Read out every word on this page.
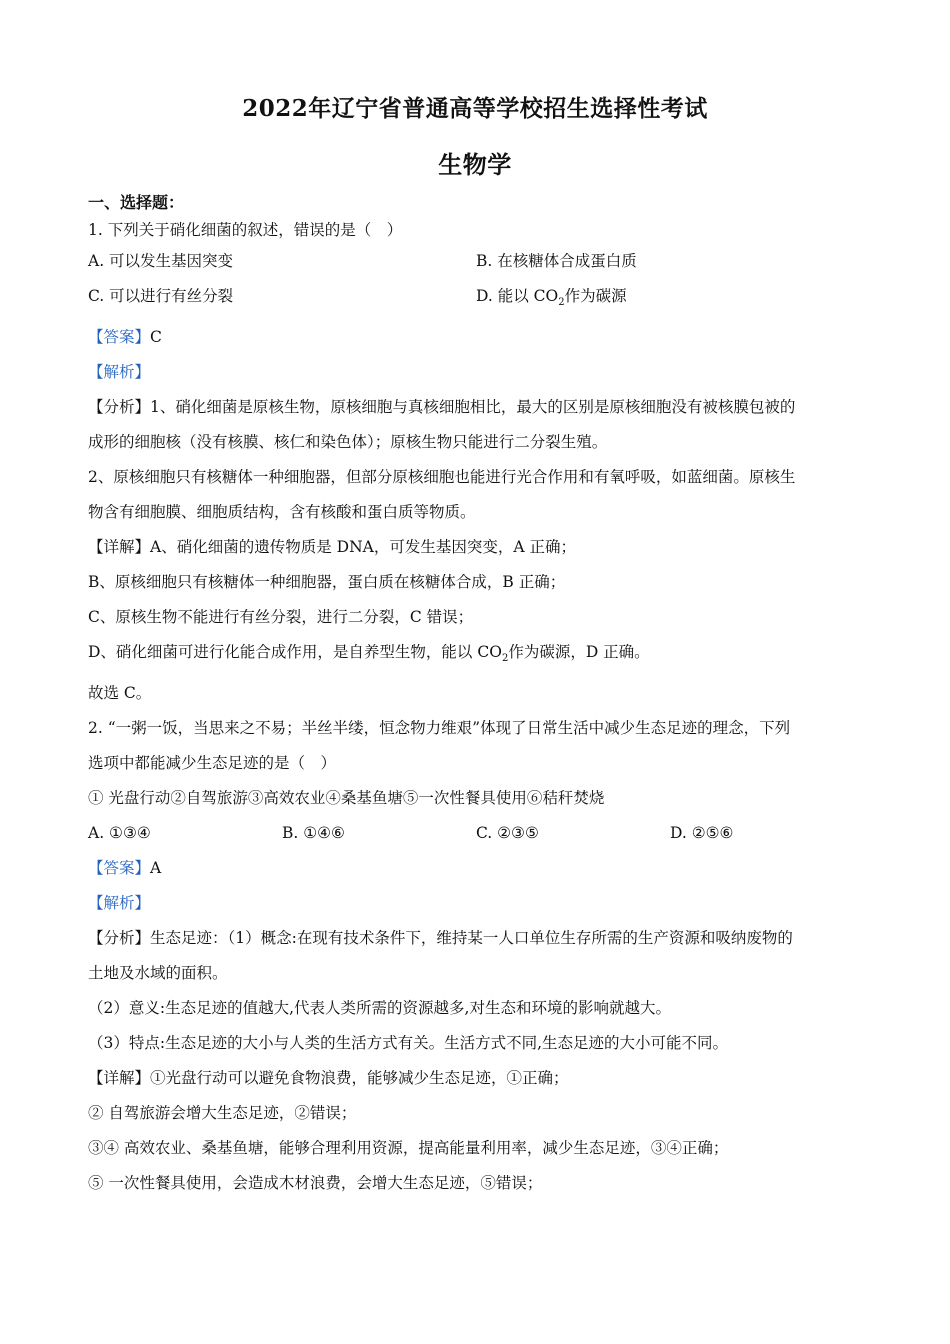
2022年辽宁省普通高等学校招生选择性考试
生物学
一、选择题：
1. 下列关于硝化细菌的叙述，错误的是（　）
A. 可以发生基因突变	B. 在核糖体合成蛋白质
C. 可以进行有丝分裂	D. 能以 $CO_2$作为碳源
【答案】C
【解析】
【分析】1、硝化细菌是原核生物，原核细胞与真核细胞相比，最大的区别是原核细胞没有被核膜包被的
成形的细胞核（没有核膜、核仁和染色体）；原核生物只能进行二分裂生殖。
2、原核细胞只有核糖体一种细胞器，但部分原核细胞也能进行光合作用和有氧呼吸，如蓝细菌。原核生
物含有细胞膜、细胞质结构，含有核酸和蛋白质等物质。
【详解】A、硝化细菌的遗传物质是 DNA，可发生基因突变，A 正确；
B、原核细胞只有核糖体一种细胞器，蛋白质在核糖体合成，B 正确；
C、原核生物不能进行有丝分裂，进行二分裂，C 错误；
D、硝化细菌可进行化能合成作用，是自养型生物，能以 $CO_2$作为碳源，D 正确。
故选 C。
2. “一粥一饭，当思来之不易；半丝半缕，恒念物力维艰”体现了日常生活中减少生态足迹的理念，下列
选项中都能减少生态足迹的是（　）
① 光盘行动②自驾旅游③高效农业④桑基鱼塘⑤一次性餐具使用⑥秸秆焚烧
A. ①③④	B. ①④⑥	C. ②③⑤	D. ②⑤⑥
【答案】A
【解析】
【分析】生态足迹：（1）概念:在现有技术条件下，维持某一人口单位生存所需的生产资源和吸纳废物的
土地及水域的面积。
（2）意义:生态足迹的值越大,代表人类所需的资源越多,对生态和环境的影响就越大。
（3）特点:生态足迹的大小与人类的生活方式有关。生活方式不同,生态足迹的大小可能不同。
【详解】①光盘行动可以避免食物浪费，能够减少生态足迹，①正确；
② 自驾旅游会增大生态足迹，②错误；
③④ 高效农业、桑基鱼塘，能够合理利用资源，提高能量利用率，减少生态足迹，③④正确；
⑤ 一次性餐具使用，会造成木材浪费，会增大生态足迹，⑤错误；
